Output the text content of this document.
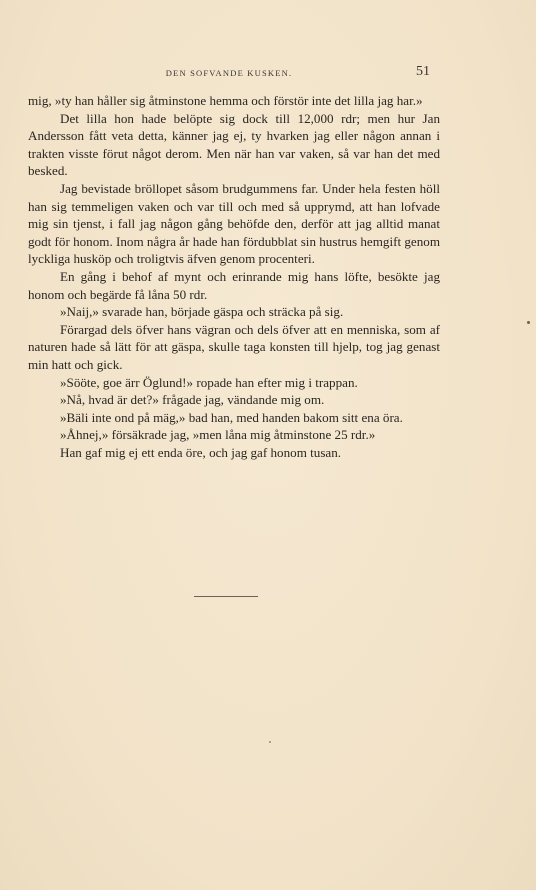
DEN SOFVANDE KUSKEN.	51

mig, »ty han håller sig åtminstone hemma och förstör inte det lilla jag har.»

Det lilla hon hade belöpte sig dock till 12,000 rdr; men hur Jan Andersson fått veta detta, känner jag ej, ty hvarken jag eller någon annan i trakten visste förut något derom. Men när han var vaken, så var han det med besked.

Jag bevistade bröllopet såsom brudgummens far. Under hela festen höll han sig temmeligen vaken och var till och med så upprymd, att han lofvade mig sin tjenst, i fall jag någon gång behöfde den, derför att jag alltid manat godt för honom. Inom några år hade han fördubblat sin hustrus hemgift genom lyckliga husköp och troligtvis äfven genom procenteri.

En gång i behof af mynt och erinrande mig hans löfte, besökte jag honom och begärde få låna 50 rdr.

»Naij,» svarade han, började gäspa och sträcka på sig.

Förargad dels öfver hans vägran och dels öfver att en menniska, som af naturen hade så lätt för att gäspa, skulle taga konsten till hjelp, tog jag genast min hatt och gick.

»Sööte, goe ärr Öglund!» ropade han efter mig i trappan.

»Nå, hvad är det?» frågade jag, vändande mig om.

»Bäli inte ond på mäg,» bad han, med handen bakom sitt ena öra.

»Åhnej,» försäkrade jag, »men låna mig åtminstone 25 rdr.»

Han gaf mig ej ett enda öre, och jag gaf honom tusan.
